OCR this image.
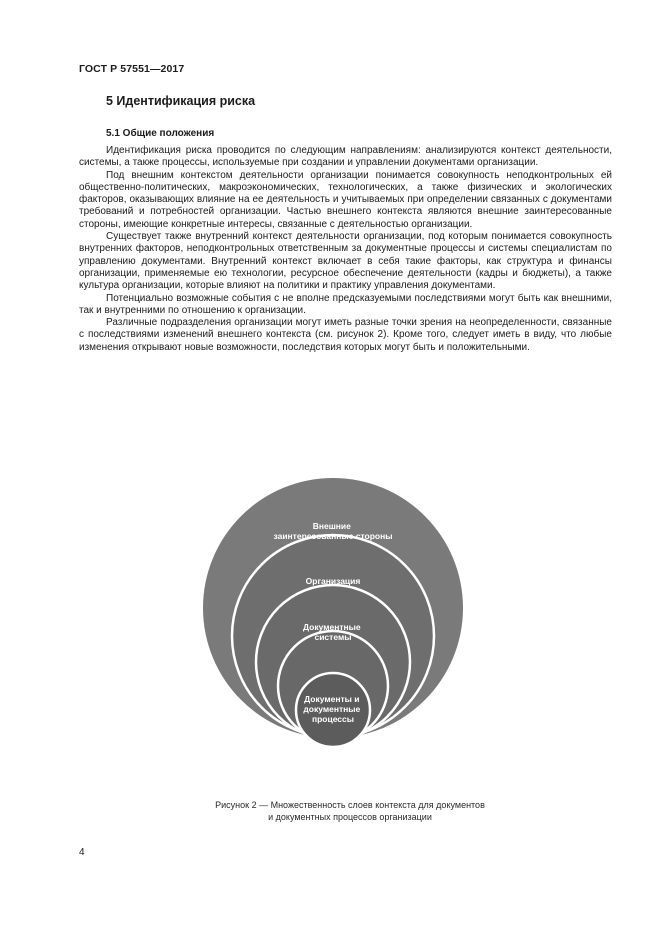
ГОСТ Р 57551—2017
5 Идентификация риска
5.1 Общие положения

Идентификация риска проводится по следующим направлениям: анализируются контекст деятельности, системы, а также процессы, используемые при создании и управлении документами организации.

Под внешним контекстом деятельности организации понимается совокупность неподконтрольных ей общественно-политических, макроэкономических, технологических, а также физических и экологических факторов, оказывающих влияние на ее деятельность и учитываемых при определении связанных с документами требований и потребностей организации. Частью внешнего контекста являются внешние заинтересованные стороны, имеющие конкретные интересы, связанные с деятельностью организации.

Существует также внутренний контекст деятельности организации, под которым понимается совокупность внутренних факторов, неподконтрольных ответственным за документные процессы и системы специалистам по управлению документами. Внутренний контекст включает в себя такие факторы, как структура и финансы организации, применяемые ею технологии, ресурсное обеспечение деятельности (кадры и бюджеты), а также культура организации, которые влияют на политики и практику управления документами.

Потенциально возможные события с не вполне предсказуемыми последствиями могут быть как внешними, так и внутренними по отношению к организации.

Различные подразделения организации могут иметь разные точки зрения на неопределенности, связанные с последствиями изменений внешнего контекста (см. рисунок 2). Кроме того, следует иметь в виду, что любые изменения открывают новые возможности, последствия которых могут быть и положительными.

Общество
Внешние заинтересованные стороны
Организация
Документные системы
Документы и документные процессы
Рисунок 2 — Множественность слоев контекста для документов
и документных процессов организации
4
